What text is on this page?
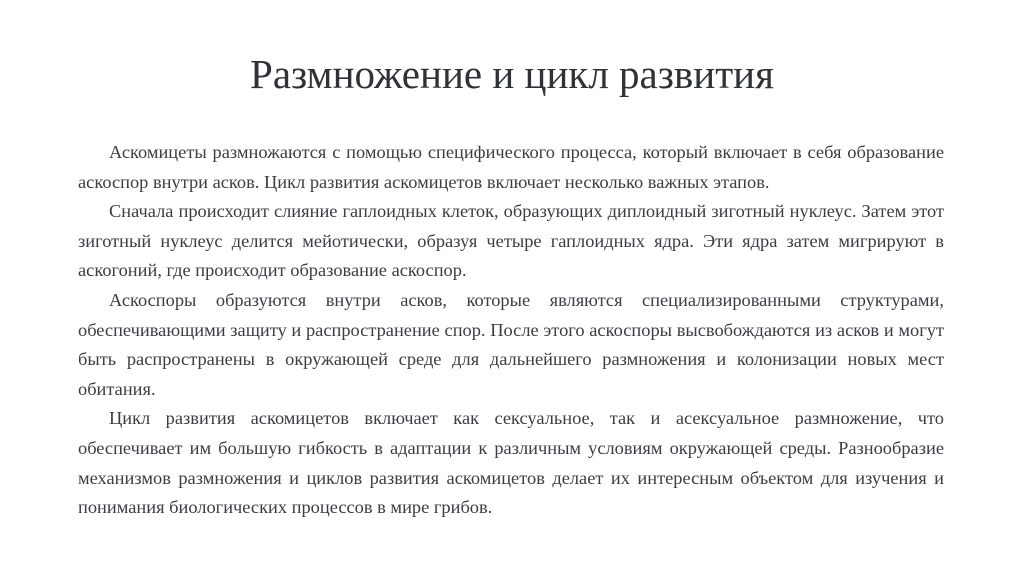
Размножение и цикл развития

Аскомицеты размножаются с помощью специфического процесса, который включает в себя образование аскоспор внутри асков. Цикл развития аскомицетов включает несколько важных этапов.

Сначала происходит слияние гаплоидных клеток, образующих диплоидный зиготный нуклеус. Затем этот зиготный нуклеус делится мейотически, образуя четыре гаплоидных ядра. Эти ядра затем мигрируют в аскогоний, где происходит образование аскоспор.

Аскоспоры образуются внутри асков, которые являются специализированными структурами, обеспечивающими защиту и распространение спор. После этого аскоспоры высвобождаются из асков и могут быть распространены в окружающей среде для дальнейшего размножения и колонизации новых мест обитания.

Цикл развития аскомицетов включает как сексуальное, так и асексуальное размножение, что обеспечивает им большую гибкость в адаптации к различным условиям окружающей среды. Разнообразие механизмов размножения и циклов развития аскомицетов делает их интересным объектом для изучения и понимания биологических процессов в мире грибов.
